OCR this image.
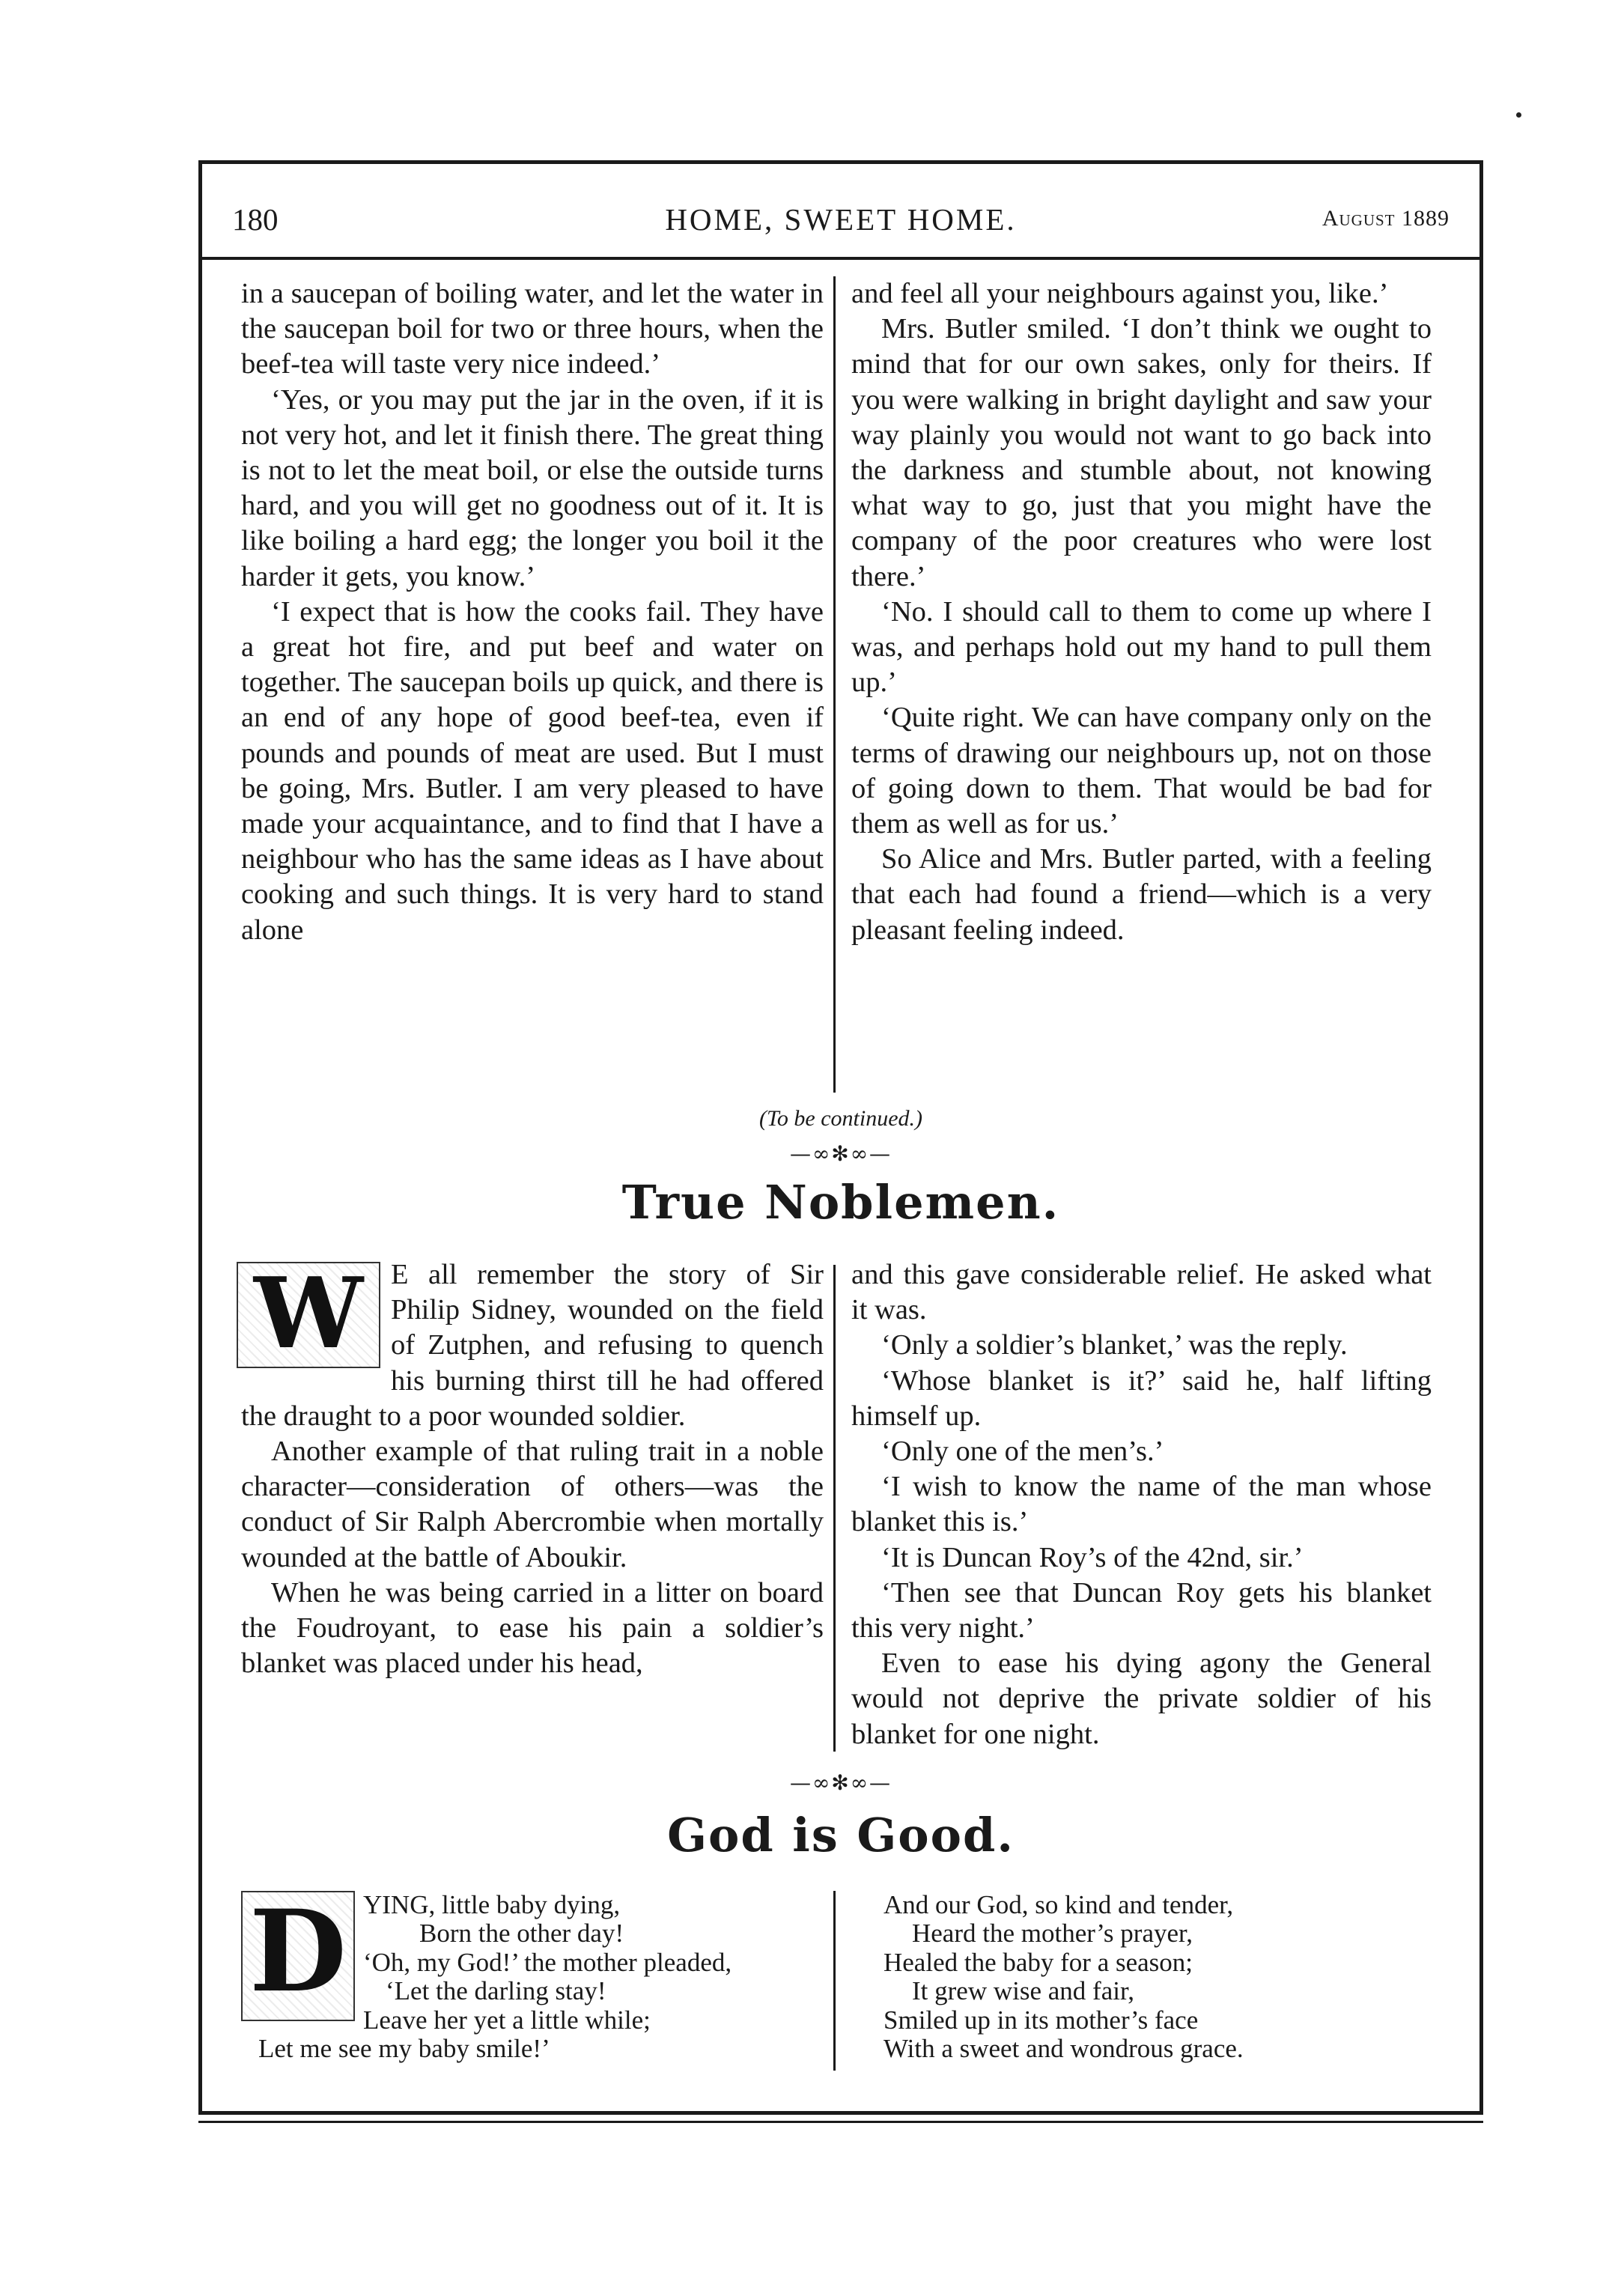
180	HOME, SWEET HOME.	August 1889

in a saucepan of boiling water, and let the water in the saucepan boil for two or three hours, when the beef-tea will taste very nice indeed.’

‘Yes, or you may put the jar in the oven, if it is not very hot, and let it finish there. The great thing is not to let the meat boil, or else the outside turns hard, and you will get no goodness out of it. It is like boiling a hard egg; the longer you boil it the harder it gets, you know.’

‘I expect that is how the cooks fail. They have a great hot fire, and put beef and water on together. The saucepan boils up quick, and there is an end of any hope of good beef-tea, even if pounds and pounds of meat are used. But I must be going, Mrs. Butler. I am very pleased to have made your acquaintance, and to find that I have a neighbour who has the same ideas as I have about cooking and such things. It is very hard to stand alone

and feel all your neighbours against you, like.’

Mrs. Butler smiled. ‘I don’t think we ought to mind that for our own sakes, only for theirs. If you were walking in bright daylight and saw your way plainly you would not want to go back into the darkness and stumble about, not knowing what way to go, just that you might have the company of the poor creatures who were lost there.’

‘No. I should call to them to come up where I was, and perhaps hold out my hand to pull them up.’

‘Quite right. We can have company only on the terms of drawing our neighbours up, not on those of going down to them. That would be bad for them as well as for us.’

So Alice and Mrs. Butler parted, with a feeling that each had found a friend—which is a very pleasant feeling indeed.

(To be continued.)
—∞✻∞—
True Noblemen.

W E all remember the story of Sir Philip Sidney, wounded on the field of Zutphen, and refusing to quench his burning thirst till he had offered the draught to a poor wounded soldier.

Another example of that ruling trait in a noble character—consideration of others—was the conduct of Sir Ralph Abercrombie when mortally wounded at the battle of Aboukir.

When he was being carried in a litter on board the Foudroyant, to ease his pain a soldier’s blanket was placed under his head,

and this gave considerable relief. He asked what it was.

‘Only a soldier’s blanket,’ was the reply.

‘Whose blanket is it?’ said he, half lifting himself up.

‘Only one of the men’s.’

‘I wish to know the name of the man whose blanket this is.’

‘It is Duncan Roy’s of the 42nd, sir.’

‘Then see that Duncan Roy gets his blanket this very night.’

Even to ease his dying agony the General would not deprive the private soldier of his blanket for one night.

—∞✻∞—
God is Good.
D YING, little baby dying,
Born the other day!
‘Oh, my God!’ the mother pleaded,
‘Let the darling stay!
Leave her yet a little while;
Let me see my baby smile!’
And our God, so kind and tender,
Heard the mother’s prayer,
Healed the baby for a season;
It grew wise and fair,
Smiled up in its mother’s face
With a sweet and wondrous grace.
